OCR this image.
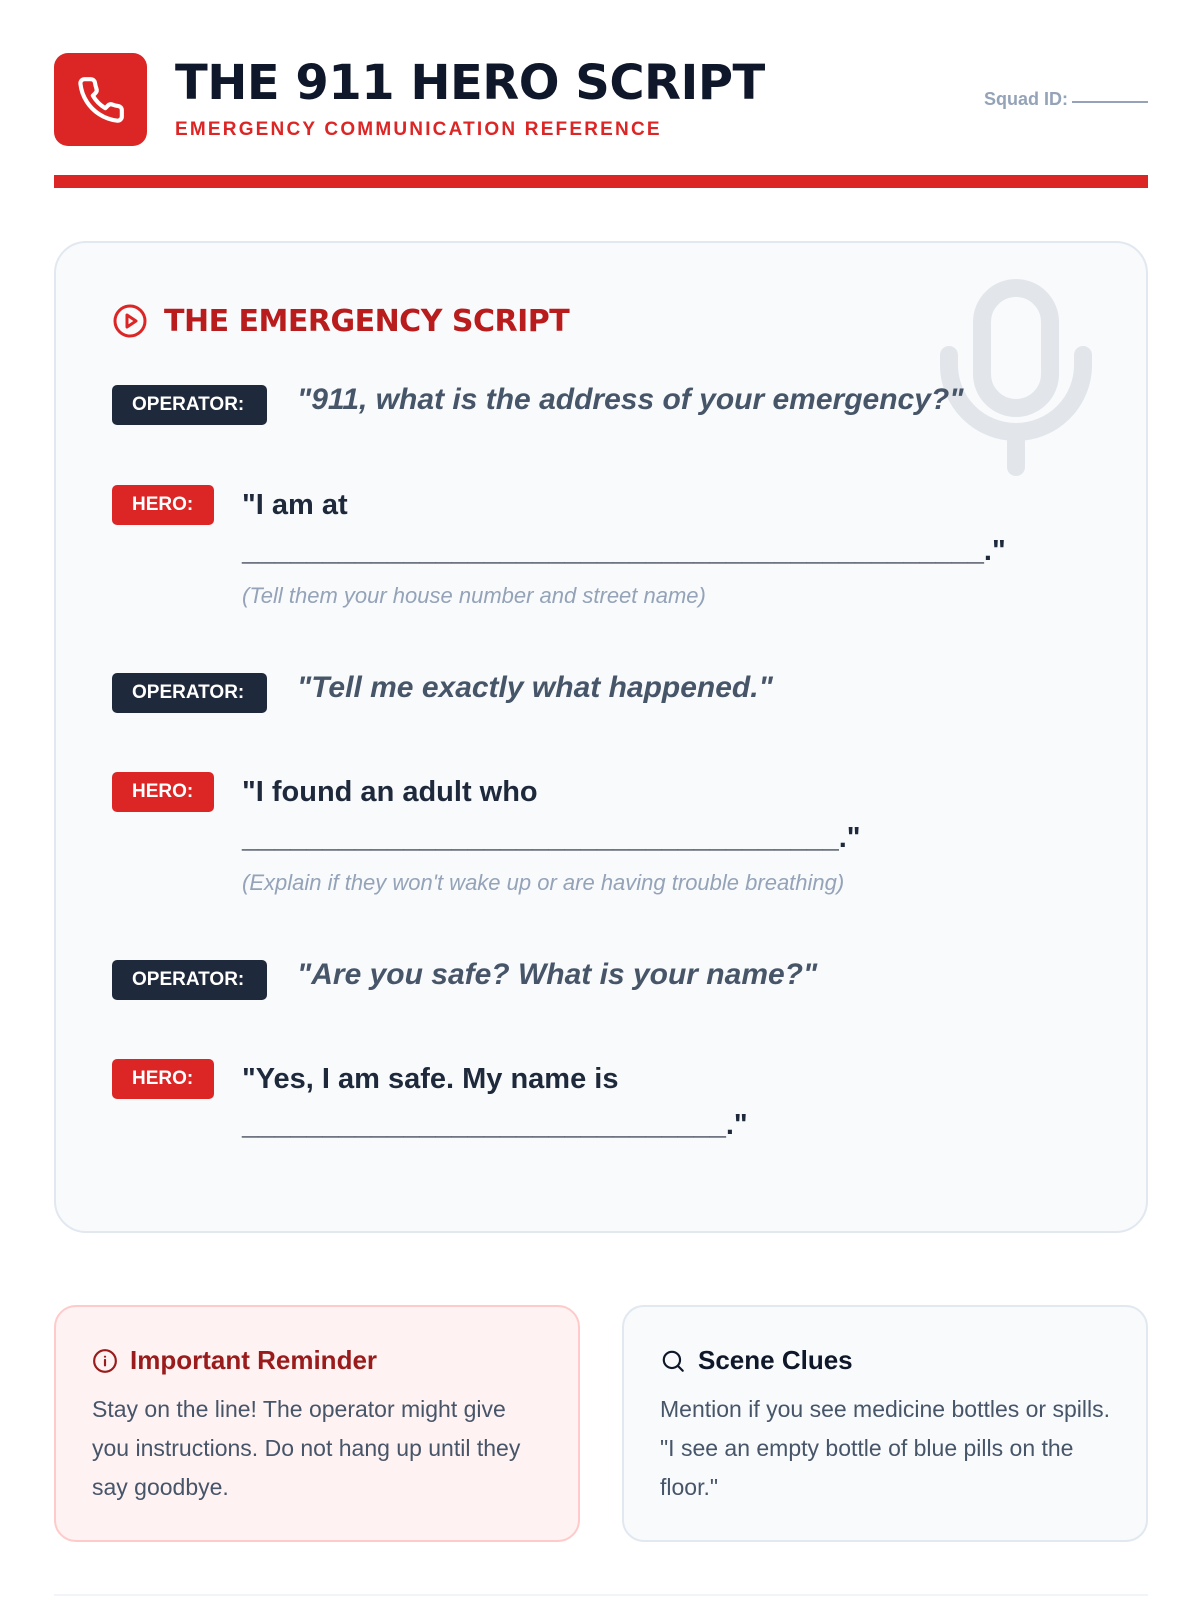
THE 911 HERO SCRIPT
EMERGENCY COMMUNICATION REFERENCE
Squad ID:
THE EMERGENCY SCRIPT
OPERATOR:	"911, what is the address of your emergency?"
HERO:	"I am at
______________________________________________."
(Tell them your house number and street name)
OPERATOR:	"Tell me exactly what happened."
HERO:	"I found an adult who
_____________________________________."
(Explain if they won't wake up or are having trouble breathing)
OPERATOR:	"Are you safe? What is your name?"
HERO:	"Yes, I am safe. My name is
______________________________."
Important Reminder
Stay on the line! The operator might give you instructions. Do not hang up until they say goodbye.
Scene Clues
Mention if you see medicine bottles or spills. "I see an empty bottle of blue pills on the floor."
